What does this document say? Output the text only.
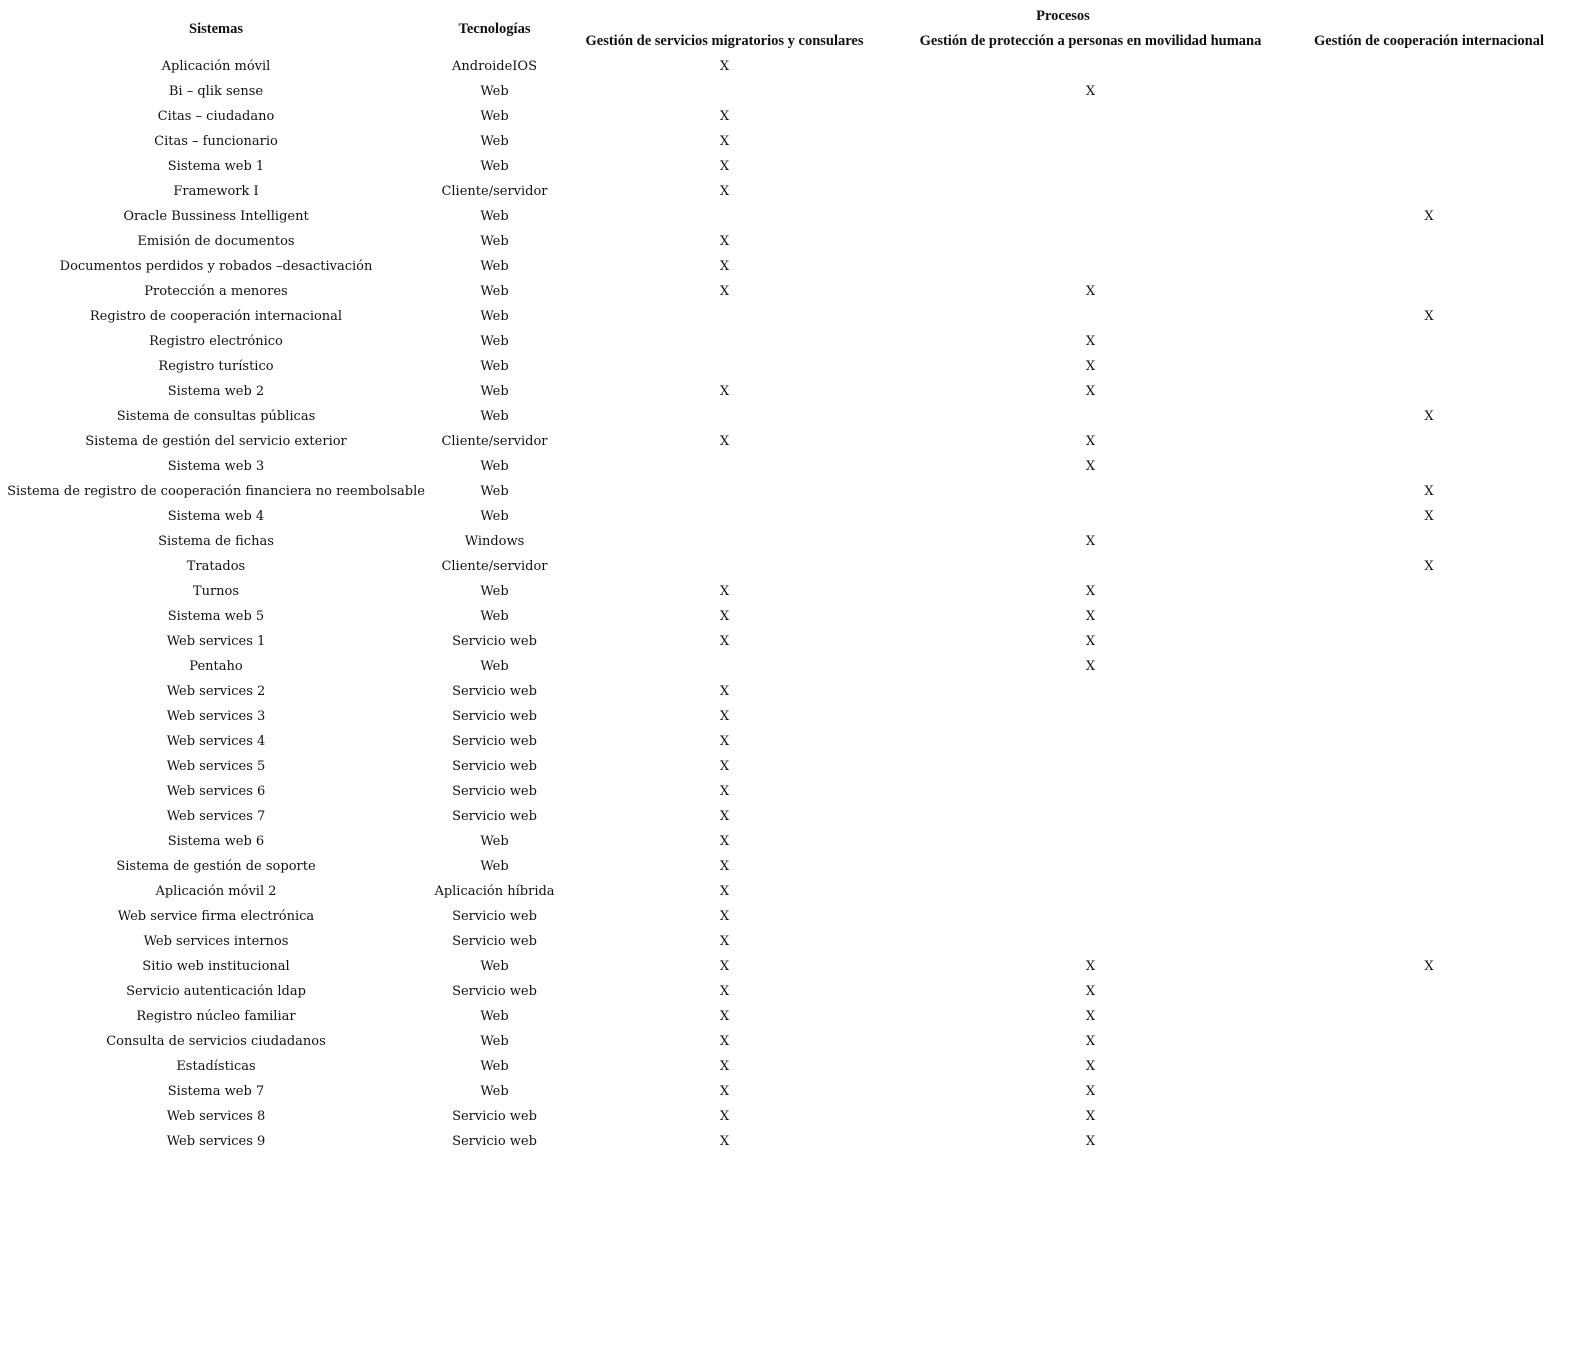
Sistemas	Tecnologías	Procesos		
		Gestión de servicios migratorios y consulares	Gestión de protección a personas en movilidad humana	Gestión de cooperación internacional
Aplicación móvil	AndroideIOS	X		
Bi – qlik sense	Web		X	
Citas – ciudadano	Web	X		
Citas – funcionario	Web	X		
Sistema web 1	Web	X		
Framework I	Cliente/servidor	X		
Oracle Bussiness Intelligent	Web			X
Emisión de documentos	Web	X		
Documentos perdidos y robados –desactivación	Web	X		
Protección a menores	Web	X	X	
Registro de cooperación internacional	Web			X
Registro electrónico	Web		X	
Registro turístico	Web		X	
Sistema web 2	Web	X	X	
Sistema de consultas públicas	Web			X
Sistema de gestión del servicio exterior	Cliente/servidor	X	X	
Sistema web 3	Web		X	
Sistema de registro de cooperación financiera no reembolsable	Web			X
Sistema web 4	Web			X
Sistema de fichas	Windows		X	
Tratados	Cliente/servidor			X
Turnos	Web	X	X	
Sistema web 5	Web	X	X	
Web services 1	Servicio web	X	X	
Pentaho	Web		X	
Web services 2	Servicio web	X		
Web services 3	Servicio web	X		
Web services 4	Servicio web	X		
Web services 5	Servicio web	X		
Web services 6	Servicio web	X		
Web services 7	Servicio web	X		
Sistema web 6	Web	X		
Sistema de gestión de soporte	Web	X		
Aplicación móvil 2	Aplicación híbrida	X		
Web service firma electrónica	Servicio web	X		
Web services internos	Servicio web	X		
Sitio web institucional	Web	X	X	X
Servicio autenticación ldap	Servicio web	X	X	
Registro núcleo familiar	Web	X	X	
Consulta de servicios ciudadanos	Web	X	X	
Estadísticas	Web	X	X	
Sistema web 7	Web	X	X	
Web services 8	Servicio web	X	X	
Web services 9	Servicio web	X	X	
